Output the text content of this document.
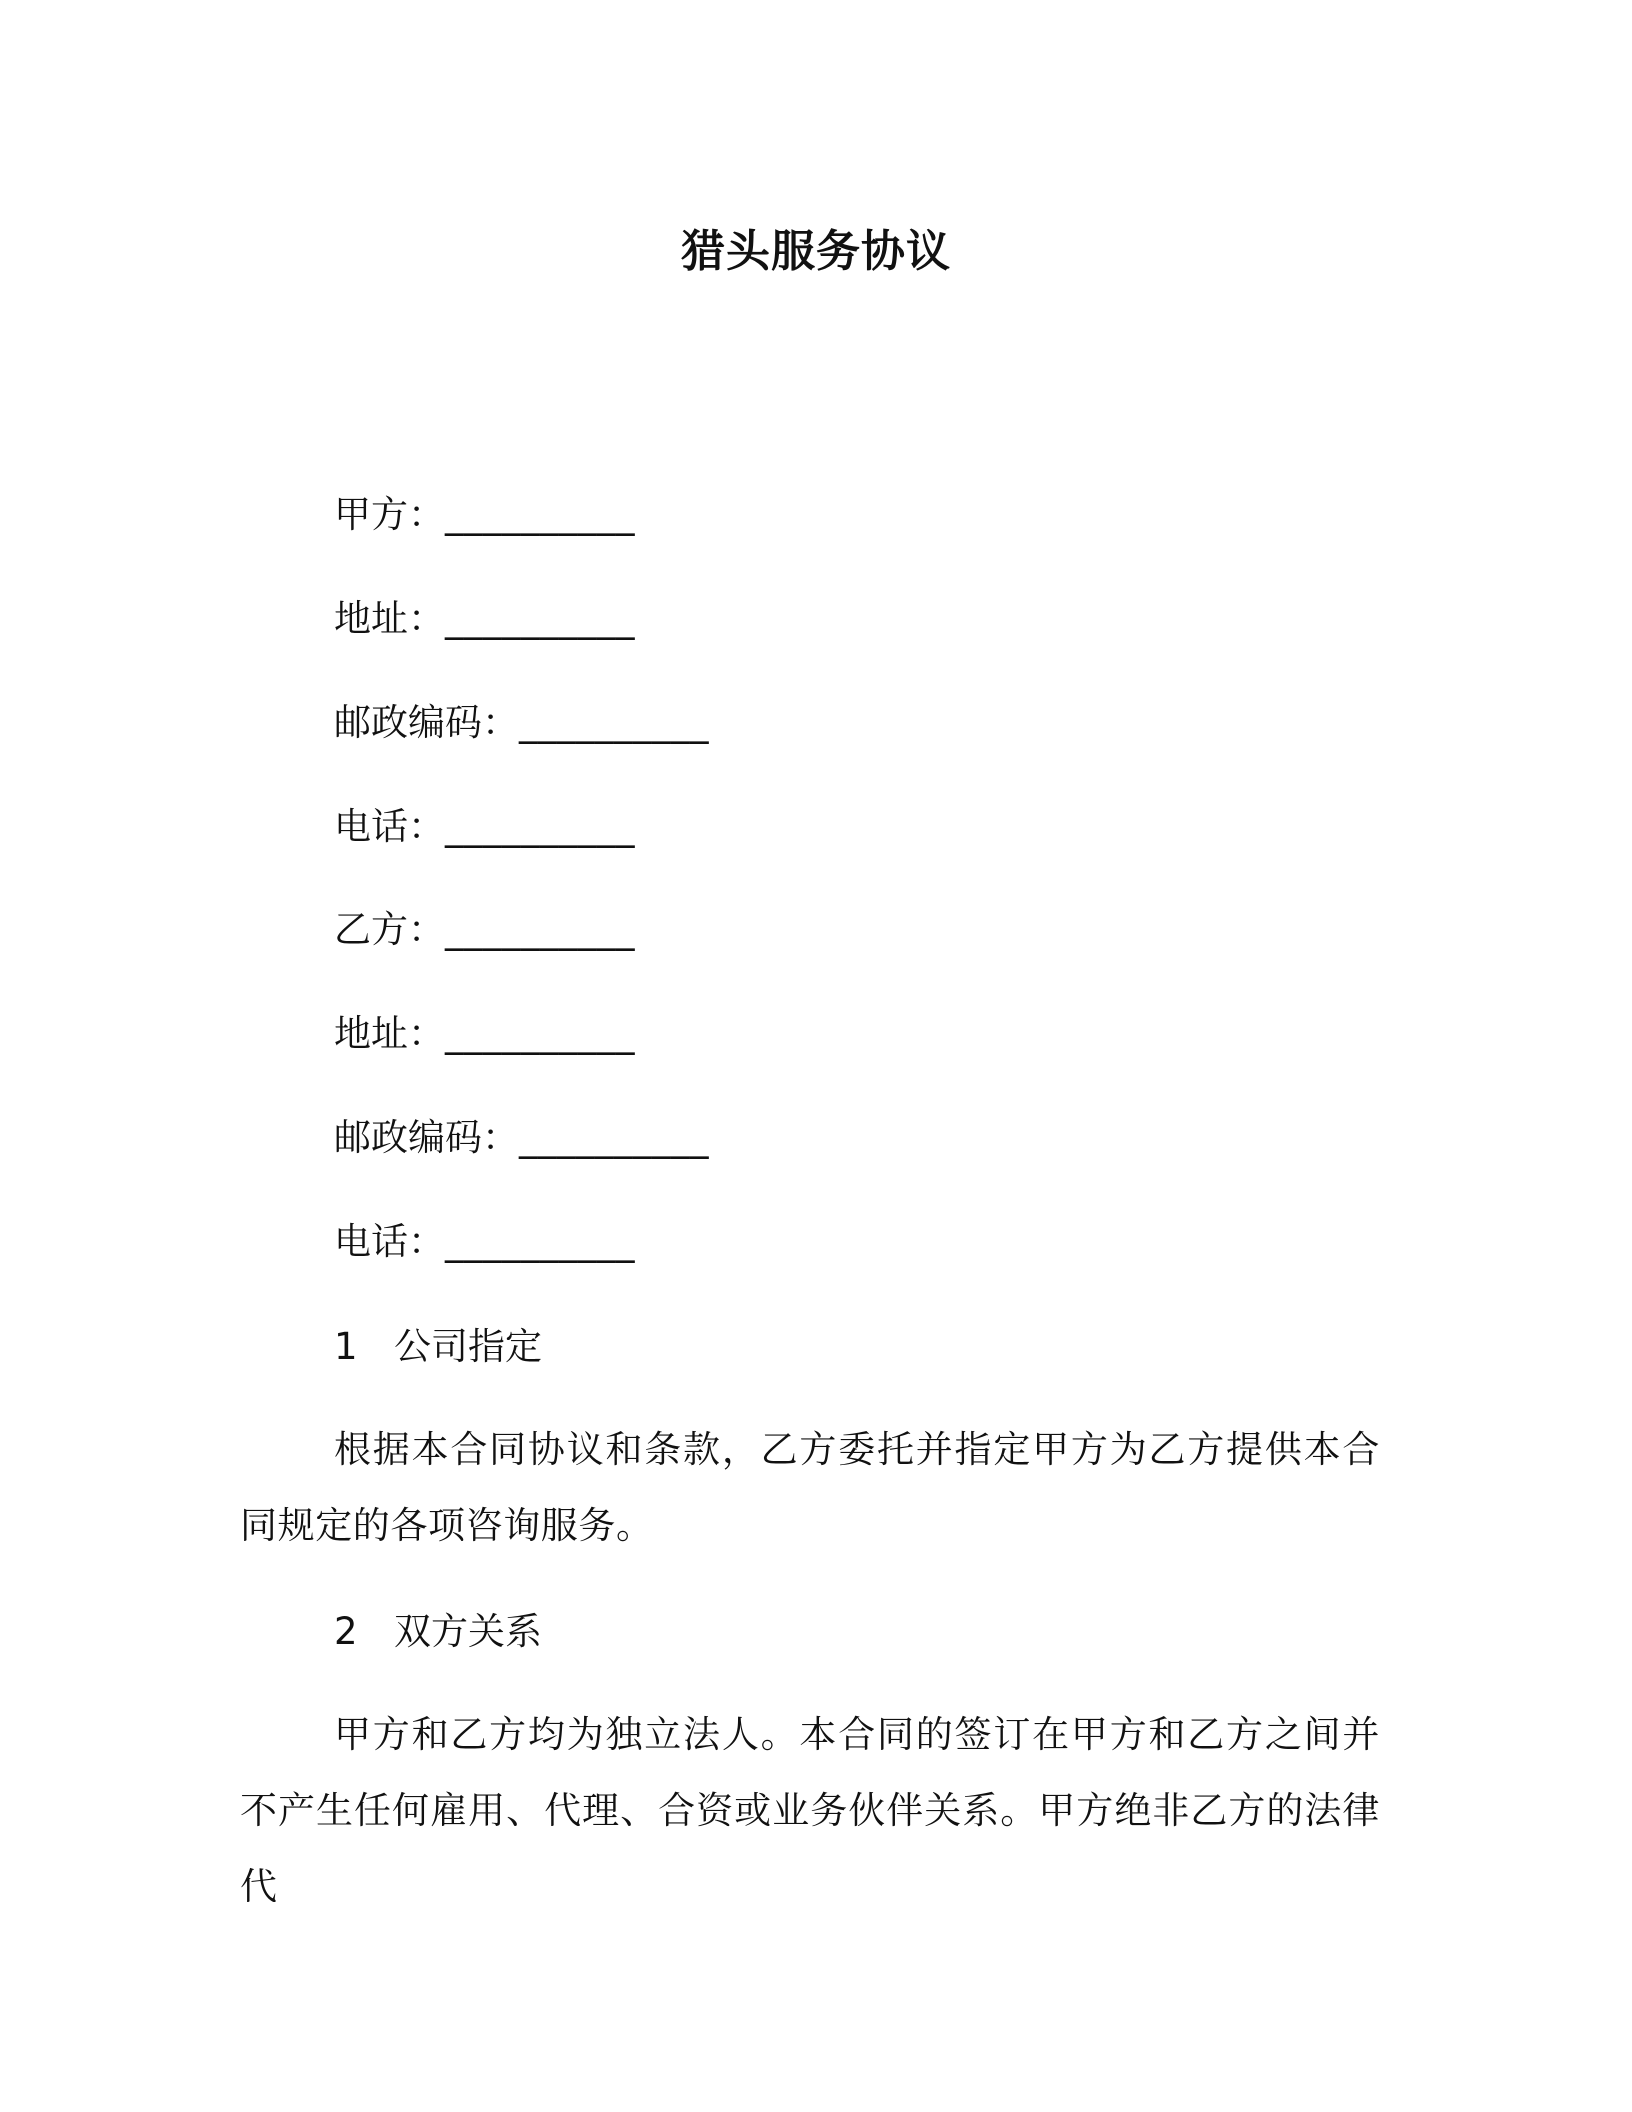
猎头服务协议
甲方：__________
地址：__________
邮政编码：__________
电话：__________
乙方：__________
地址：__________
邮政编码：__________
电话：__________
1 公司指定
根据本合同协议和条款，乙方委托并指定甲方为乙方提供本合同规定的各项咨询服务。
2 双方关系
甲方和乙方均为独立法人。本合同的签订在甲方和乙方之间并不产生任何雇用、代理、合资或业务伙伴关系。甲方绝非乙方的法律代
